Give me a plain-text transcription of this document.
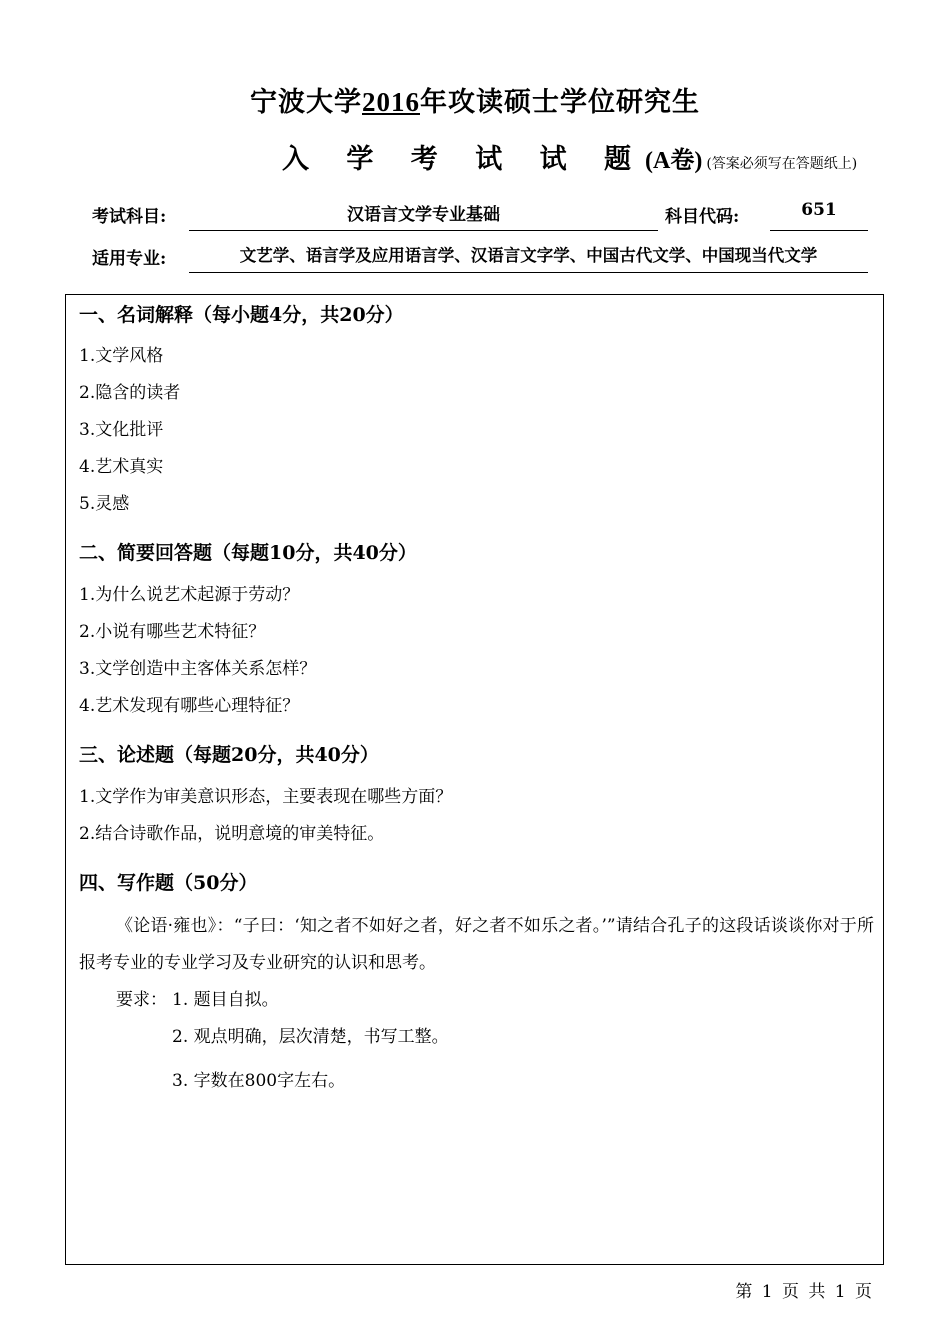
宁波大学2016年攻读硕士学位研究生
入 学 考 试 试 题(A卷) (答案必须写在答题纸上)
考试科目:	汉语言文学专业基础	科目代码:	651
适用专业:	文艺学、语言学及应用语言学、汉语言文字学、中国古代文学、中国现当代文学
一、名词解释（每小题4分，共20分）
1.文学风格
2.隐含的读者
3.文化批评
4.艺术真实
5.灵感
二、简要回答题（每题10分，共40分）
1.为什么说艺术起源于劳动？
2.小说有哪些艺术特征？
3.文学创造中主客体关系怎样？
4.艺术发现有哪些心理特征？
三、论述题（每题20分，共40分）
1.文学作为审美意识形态，主要表现在哪些方面？
2.结合诗歌作品，说明意境的审美特征。
四、写作题（50分）
《论语·雍也》：“子曰：‘知之者不如好之者，好之者不如乐之者。’”请结合孔子的这段话谈谈你对于所报考专业的专业学习及专业研究的认识和思考。
要求： 1. 题目自拟。
2. 观点明确，层次清楚，书写工整。
3. 字数在800字左右。
第 1 页 共 1 页
